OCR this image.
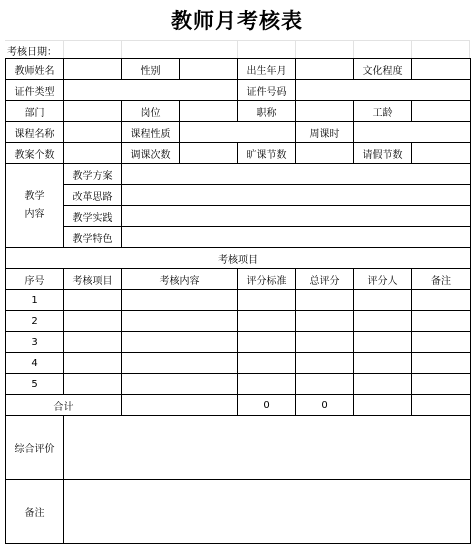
教师月考核表
考核日期：
教师姓名		性别		出生年月		文化程度	
证件类型				证件号码			
部门		岗位		职称		工龄	
课程名称		课程性质			周课时		
教案个数		调课次数		旷课节数		请假节数	
教学
内容	教学方案						
	改革思路						
	教学实践						
	教学特色						
考核项目							
序号	考核项目	考核内容		评分标准	总评分	评分人	备注
1							
2							
3							
4							
5							
合计				0	0		
综合评价							
备注							
